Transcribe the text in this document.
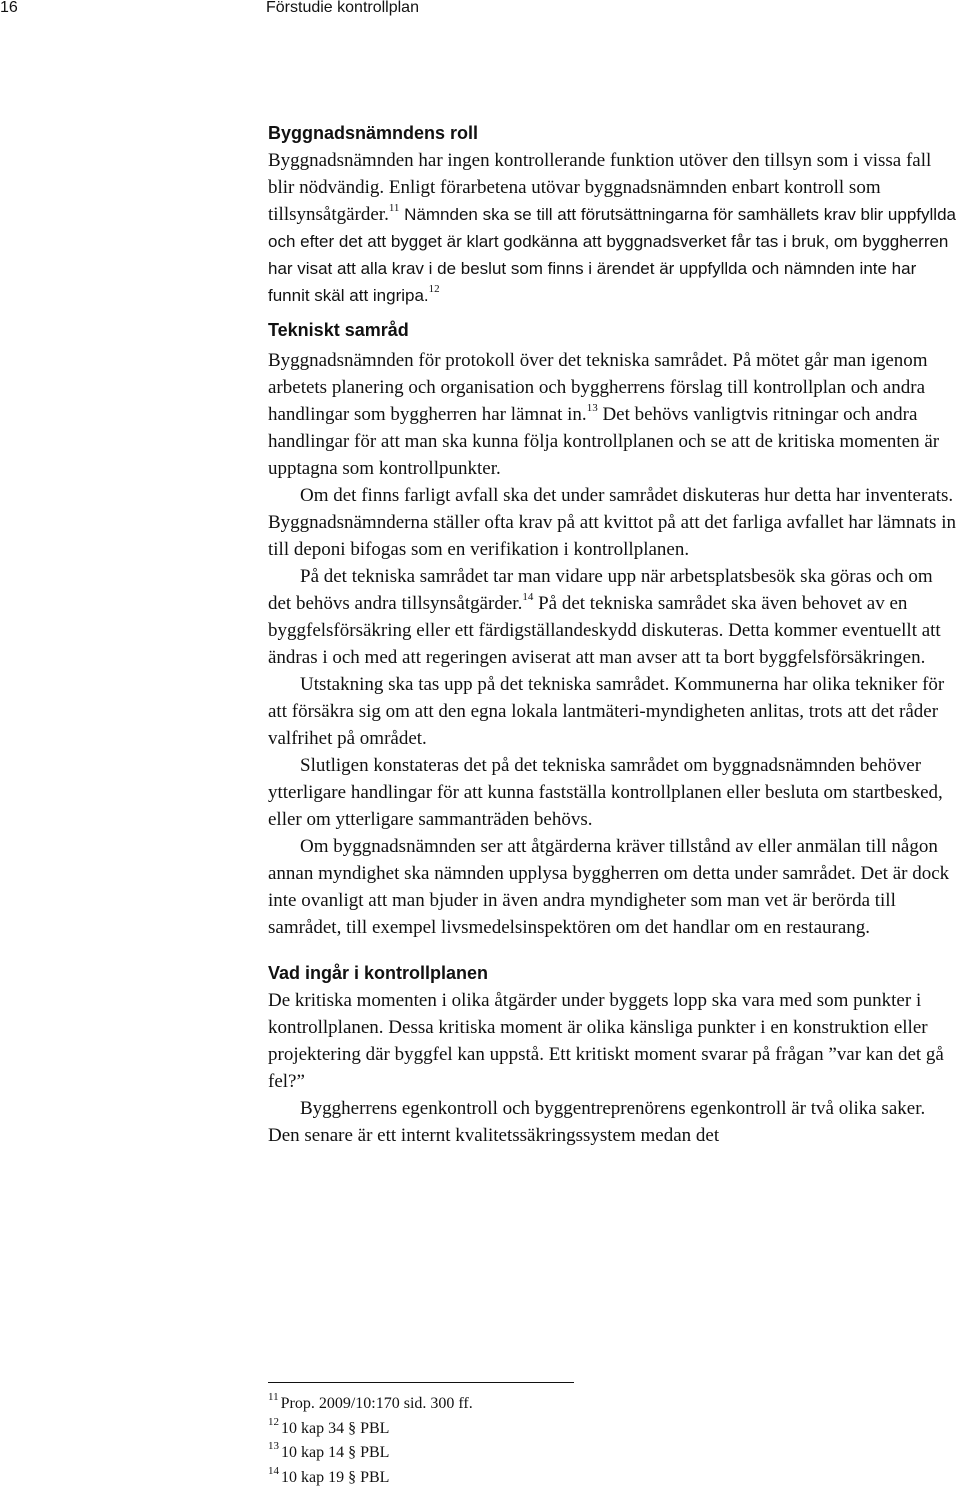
16	Förstudie kontrollplan
Byggnadsnämndens roll

Byggnadsnämnden har ingen kontrollerande funktion utöver den tillsyn som i vissa fall blir nödvändig. Enligt förarbetena utövar byggnadsnämnden enbart kontroll som tillsynsåtgärder.$^{11}$ Nämnden ska se till att förutsättningarna för samhällets krav blir uppfyllda och efter det att bygget är klart godkänna att byggnadsverket får tas i bruk, om byggherren har visat att alla krav i de beslut som finns i ärendet är uppfyllda och nämnden inte har funnit skäl att ingripa.$^{12}$

Tekniskt samråd

Byggnadsnämnden för protokoll över det tekniska samrådet. På mötet går man igenom arbetets planering och organisation och byggherrens förslag till kontrollplan och andra handlingar som byggherren har lämnat in.$^{13}$ Det behövs vanligtvis ritningar och andra handlingar för att man ska kunna följa kontrollplanen och se att de kritiska momenten är upptagna som kontrollpunkter.

Om det finns farligt avfall ska det under samrådet diskuteras hur detta har inventerats. Byggnadsnämnderna ställer ofta krav på att kvittot på att det farliga avfallet har lämnats in till deponi bifogas som en verifikation i kontrollplanen.

På det tekniska samrådet tar man vidare upp när arbetsplatsbesök ska göras och om det behövs andra tillsynsåtgärder.$^{14}$ På det tekniska samrådet ska även behovet av en byggfelsförsäkring eller ett färdigställandeskydd diskuteras. Detta kommer eventuellt att ändras i och med att regeringen aviserat att man avser att ta bort byggfelsförsäkringen.

Utstakning ska tas upp på det tekniska samrådet. Kommunerna har olika tekniker för att försäkra sig om att den egna lokala lantmäteri-myndigheten anlitas, trots att det råder valfrihet på området.

Slutligen konstateras det på det tekniska samrådet om byggnadsnämnden behöver ytterligare handlingar för att kunna fastställa kontrollplanen eller besluta om startbesked, eller om ytterligare sammanträden behövs.

Om byggnadsnämnden ser att åtgärderna kräver tillstånd av eller anmälan till någon annan myndighet ska nämnden upplysa byggherren om detta under samrådet. Det är dock inte ovanligt att man bjuder in även andra myndigheter som man vet är berörda till samrådet, till exempel livsmedelsinspektören om det handlar om en restaurang.

Vad ingår i kontrollplanen

De kritiska momenten i olika åtgärder under byggets lopp ska vara med som punkter i kontrollplanen. Dessa kritiska moment är olika känsliga punkter i en konstruktion eller projektering där byggfel kan uppstå. Ett kritiskt moment svarar på frågan ”var kan det gå fel?”

Byggherrens egenkontroll och byggentreprenörens egenkontroll är två olika saker. Den senare är ett internt kvalitetssäkringssystem medan det

$^{11}$ Prop. 2009/10:170 sid. 300 ff.
$^{12}$ 10 kap 34 § PBL
$^{13}$ 10 kap 14 § PBL
$^{14}$ 10 kap 19 § PBL
